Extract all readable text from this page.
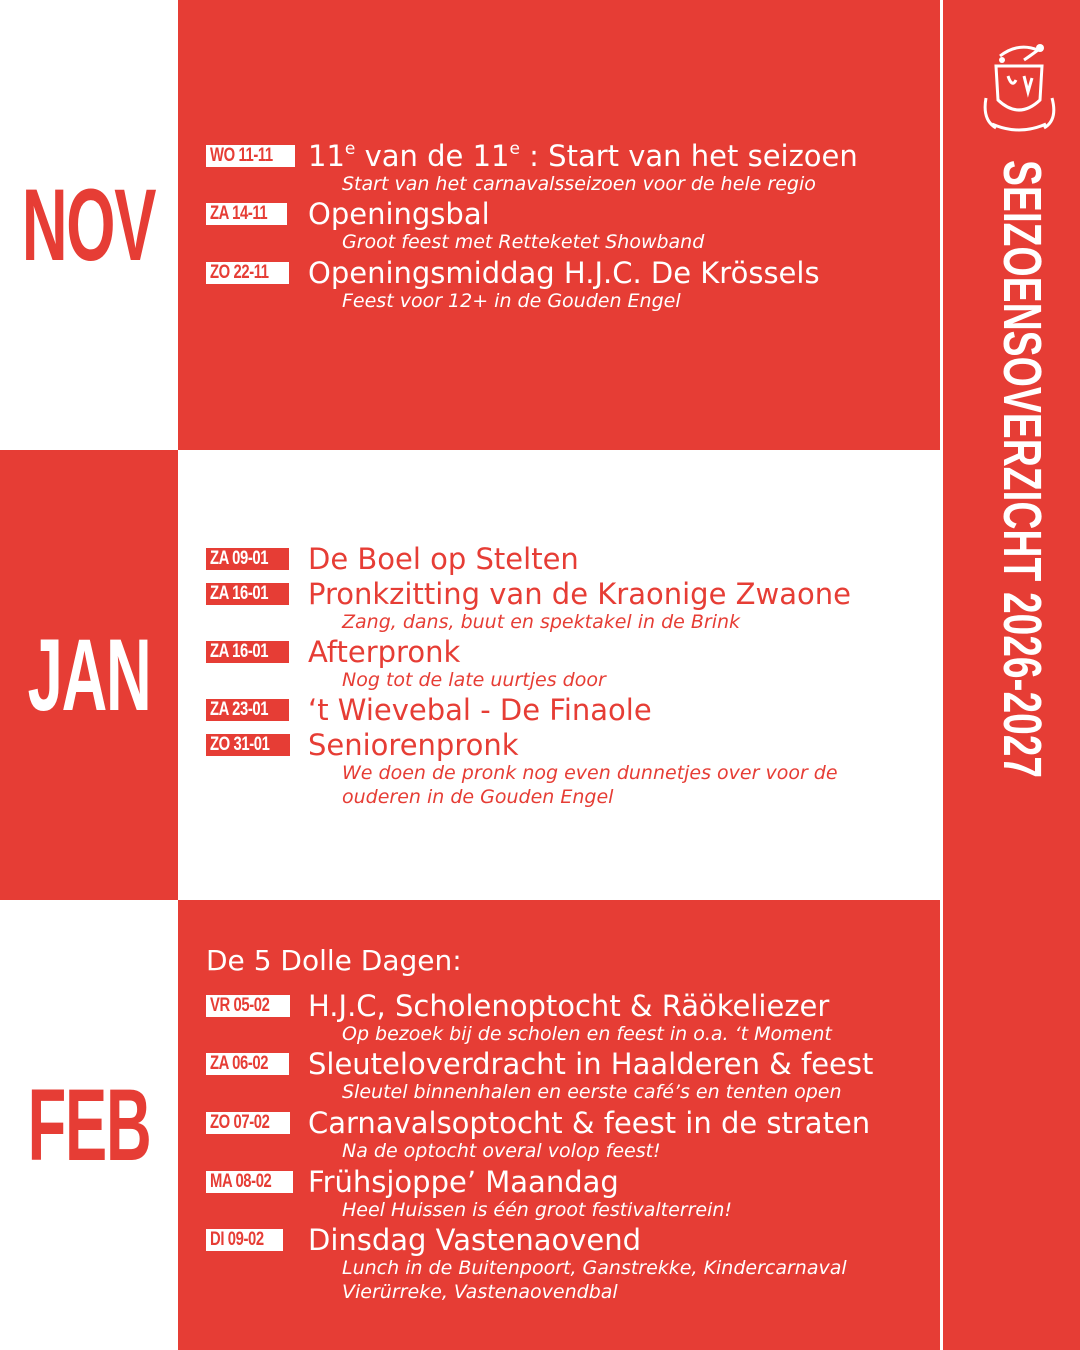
NOV
JAN
FEB
WO 11-11	11e van de 11e : Start van het seizoen
Start van het carnavalsseizoen voor de hele regio
ZA 14-11	Openingsbal
Groot feest met Retteketet Showband
ZO 22-11	Openingsmiddag H.J.C. De Krössels
Feest voor 12+ in de Gouden Engel
ZA 09-01	De Boel op Stelten
ZA 16-01	Pronkzitting van de Kraonige Zwaone
Zang, dans, buut en spektakel in de Brink
ZA 16-01	Afterpronk
Nog tot de late uurtjes door
ZA 23-01	‘t Wievebal - De Finaole
ZO 31-01	Seniorenpronk
We doen de pronk nog even dunnetjes over voor de
ouderen in de Gouden Engel
De 5 Dolle Dagen:
VR 05-02	H.J.C, Scholenoptocht & Räökeliezer
Op bezoek bij de scholen en feest in o.a. ‘t Moment
ZA 06-02	Sleuteloverdracht in Haalderen & feest
Sleutel binnenhalen en eerste café’s en tenten open
ZO 07-02	Carnavalsoptocht & feest in de straten
Na de optocht overal volop feest!
MA 08-02	Frühsjoppe’ Maandag
Heel Huissen is één groot festivalterrein!
DI 09-02	Dinsdag Vastenaovend
Lunch in de Buitenpoort, Ganstrekke, Kindercarnaval
Vierürreke, Vastenaovendbal
SEIZOENSOVERZICHT 2026-2027
